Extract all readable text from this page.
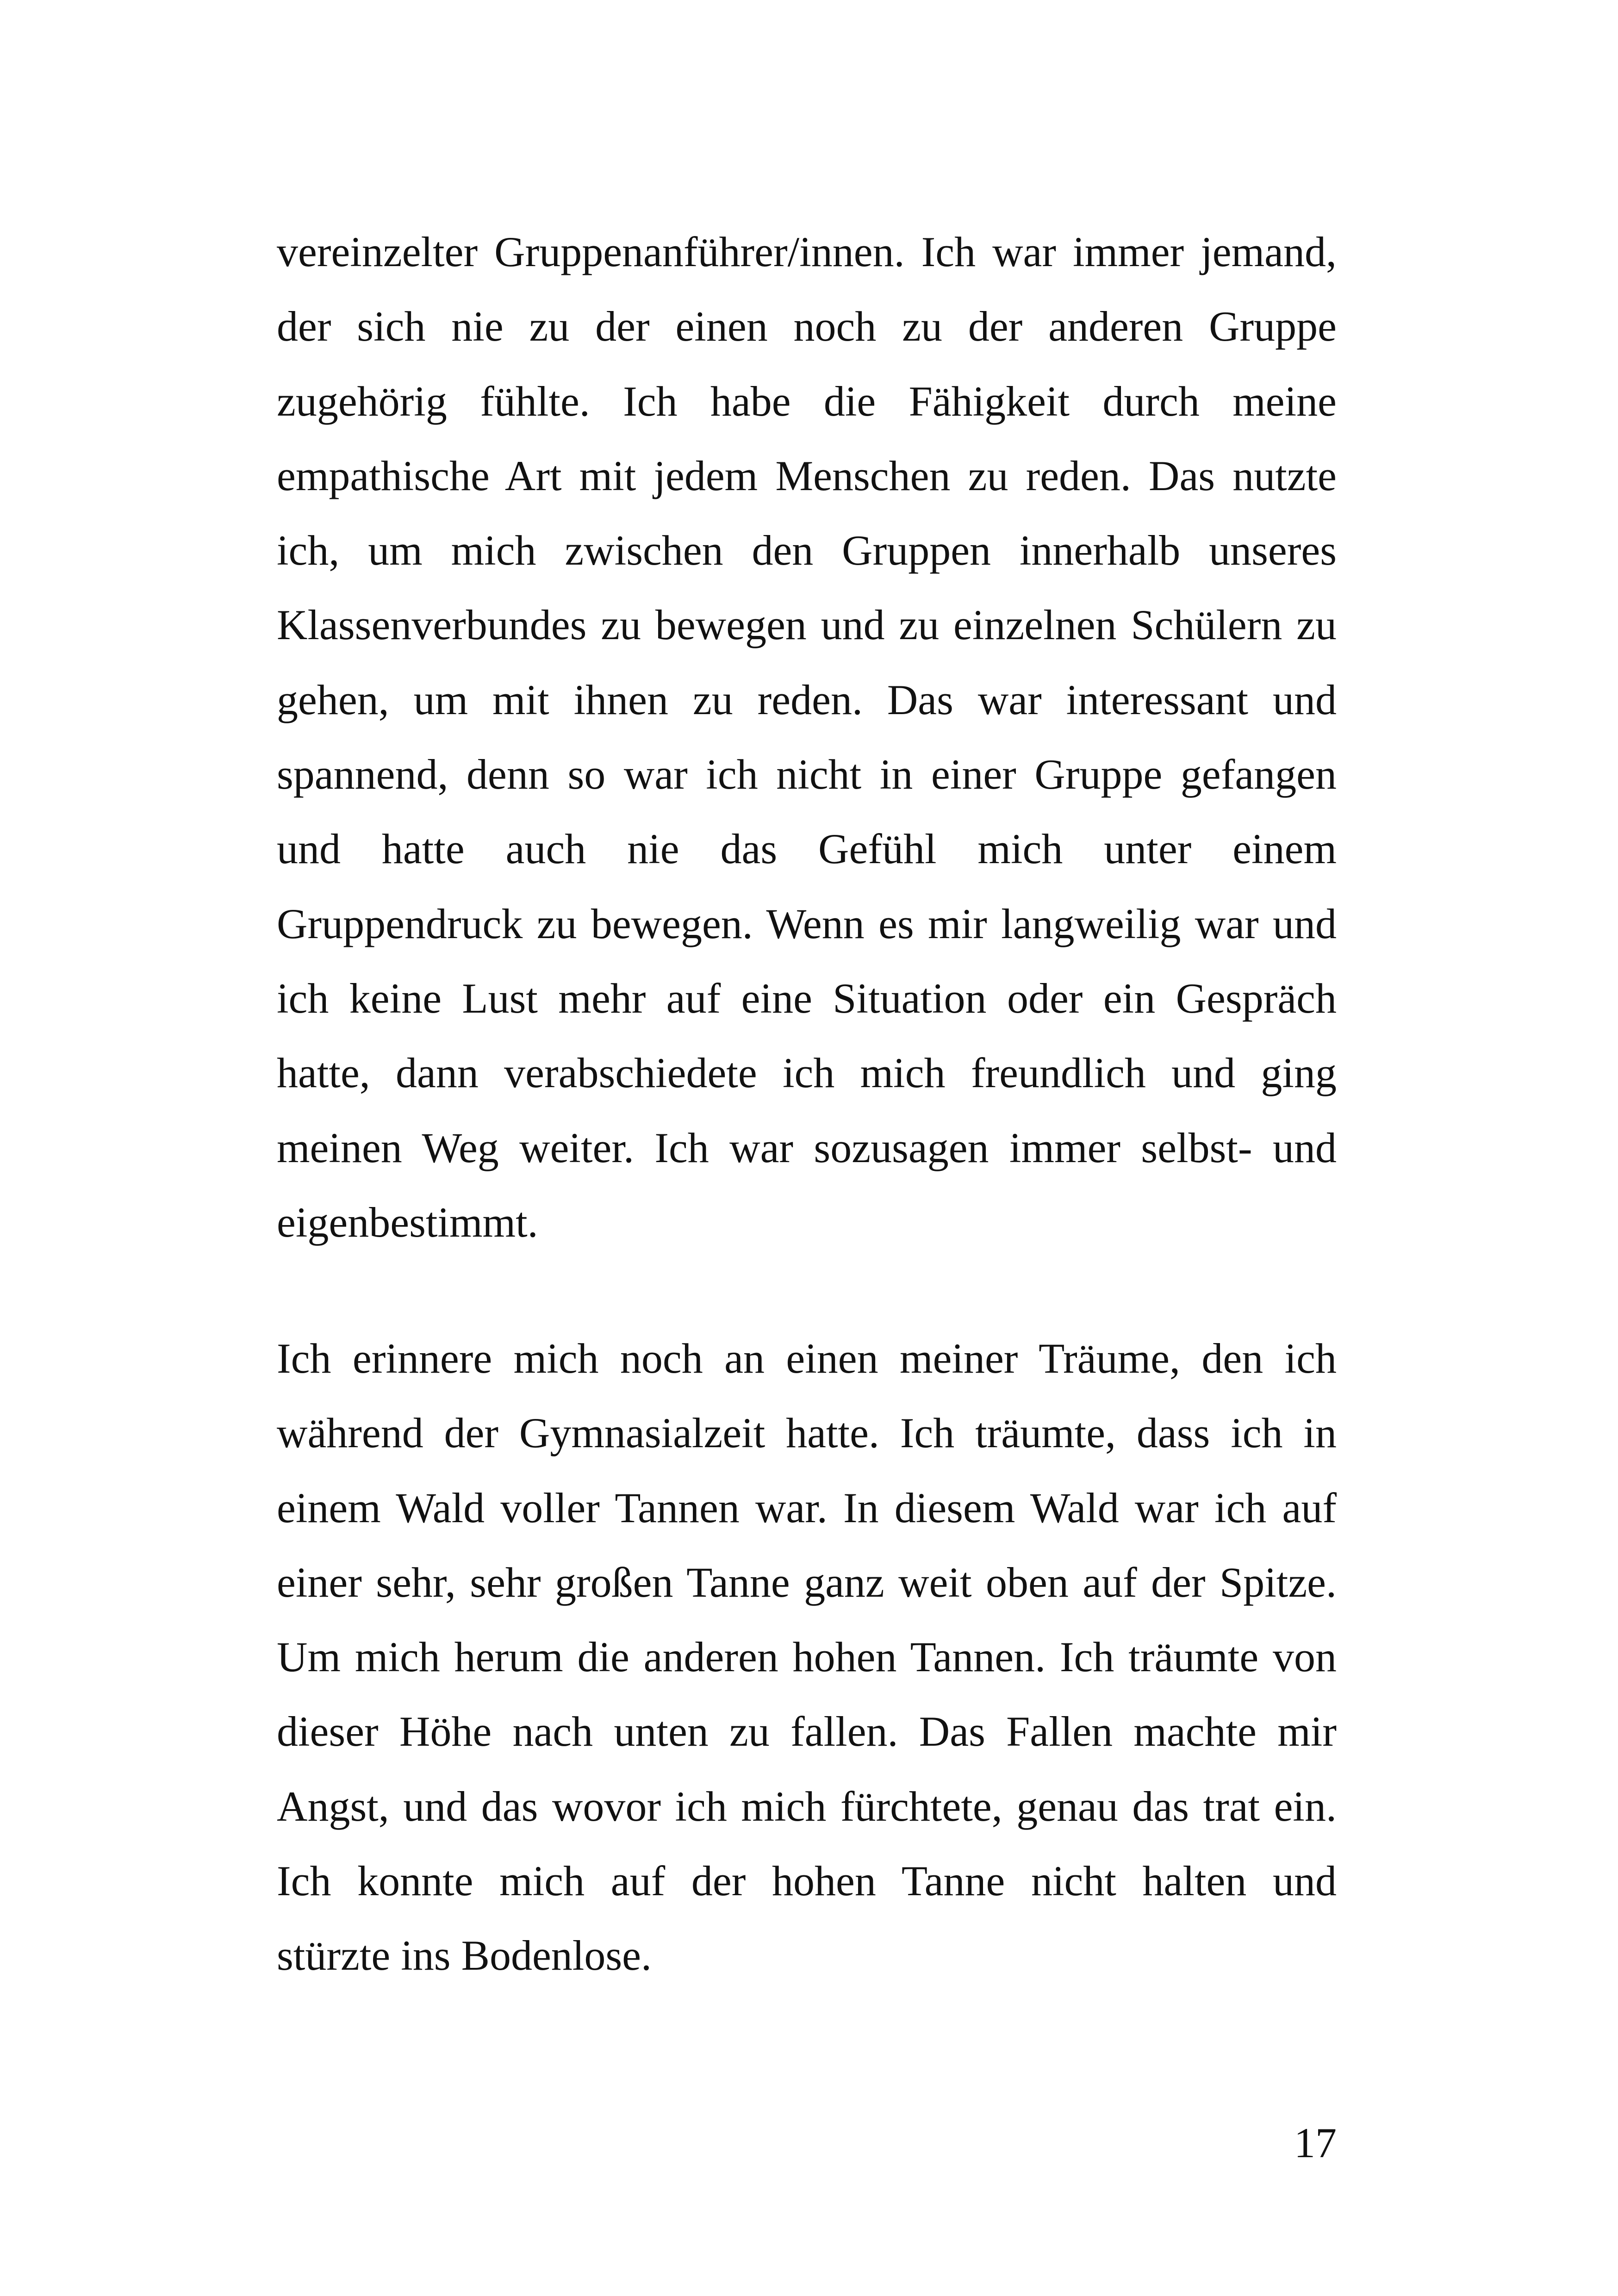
vereinzelter Gruppenanführer/innen. Ich war immer jemand,
der sich nie zu der einen noch zu der anderen Gruppe
zugehörig fühlte. Ich habe die Fähigkeit durch meine
empathische Art mit jedem Menschen zu reden. Das nutzte
ich, um mich zwischen den Gruppen innerhalb unseres
Klassenverbundes zu bewegen und zu einzelnen Schülern zu
gehen, um mit ihnen zu reden. Das war interessant und
spannend, denn so war ich nicht in einer Gruppe gefangen
und hatte auch nie das Gefühl mich unter einem
Gruppendruck zu bewegen. Wenn es mir langweilig war und
ich keine Lust mehr auf eine Situation oder ein Gespräch
hatte, dann verabschiedete ich mich freundlich und ging
meinen Weg weiter. Ich war sozusagen immer selbst- und
eigenbestimmt.
Ich erinnere mich noch an einen meiner Träume, den ich
während der Gymnasialzeit hatte. Ich träumte, dass ich in
einem Wald voller Tannen war. In diesem Wald war ich auf
einer sehr, sehr großen Tanne ganz weit oben auf der Spitze.
Um mich herum die anderen hohen Tannen. Ich träumte von
dieser Höhe nach unten zu fallen. Das Fallen machte mir
Angst, und das wovor ich mich fürchtete, genau das trat ein.
Ich konnte mich auf der hohen Tanne nicht halten und
stürzte ins Bodenlose.
17
